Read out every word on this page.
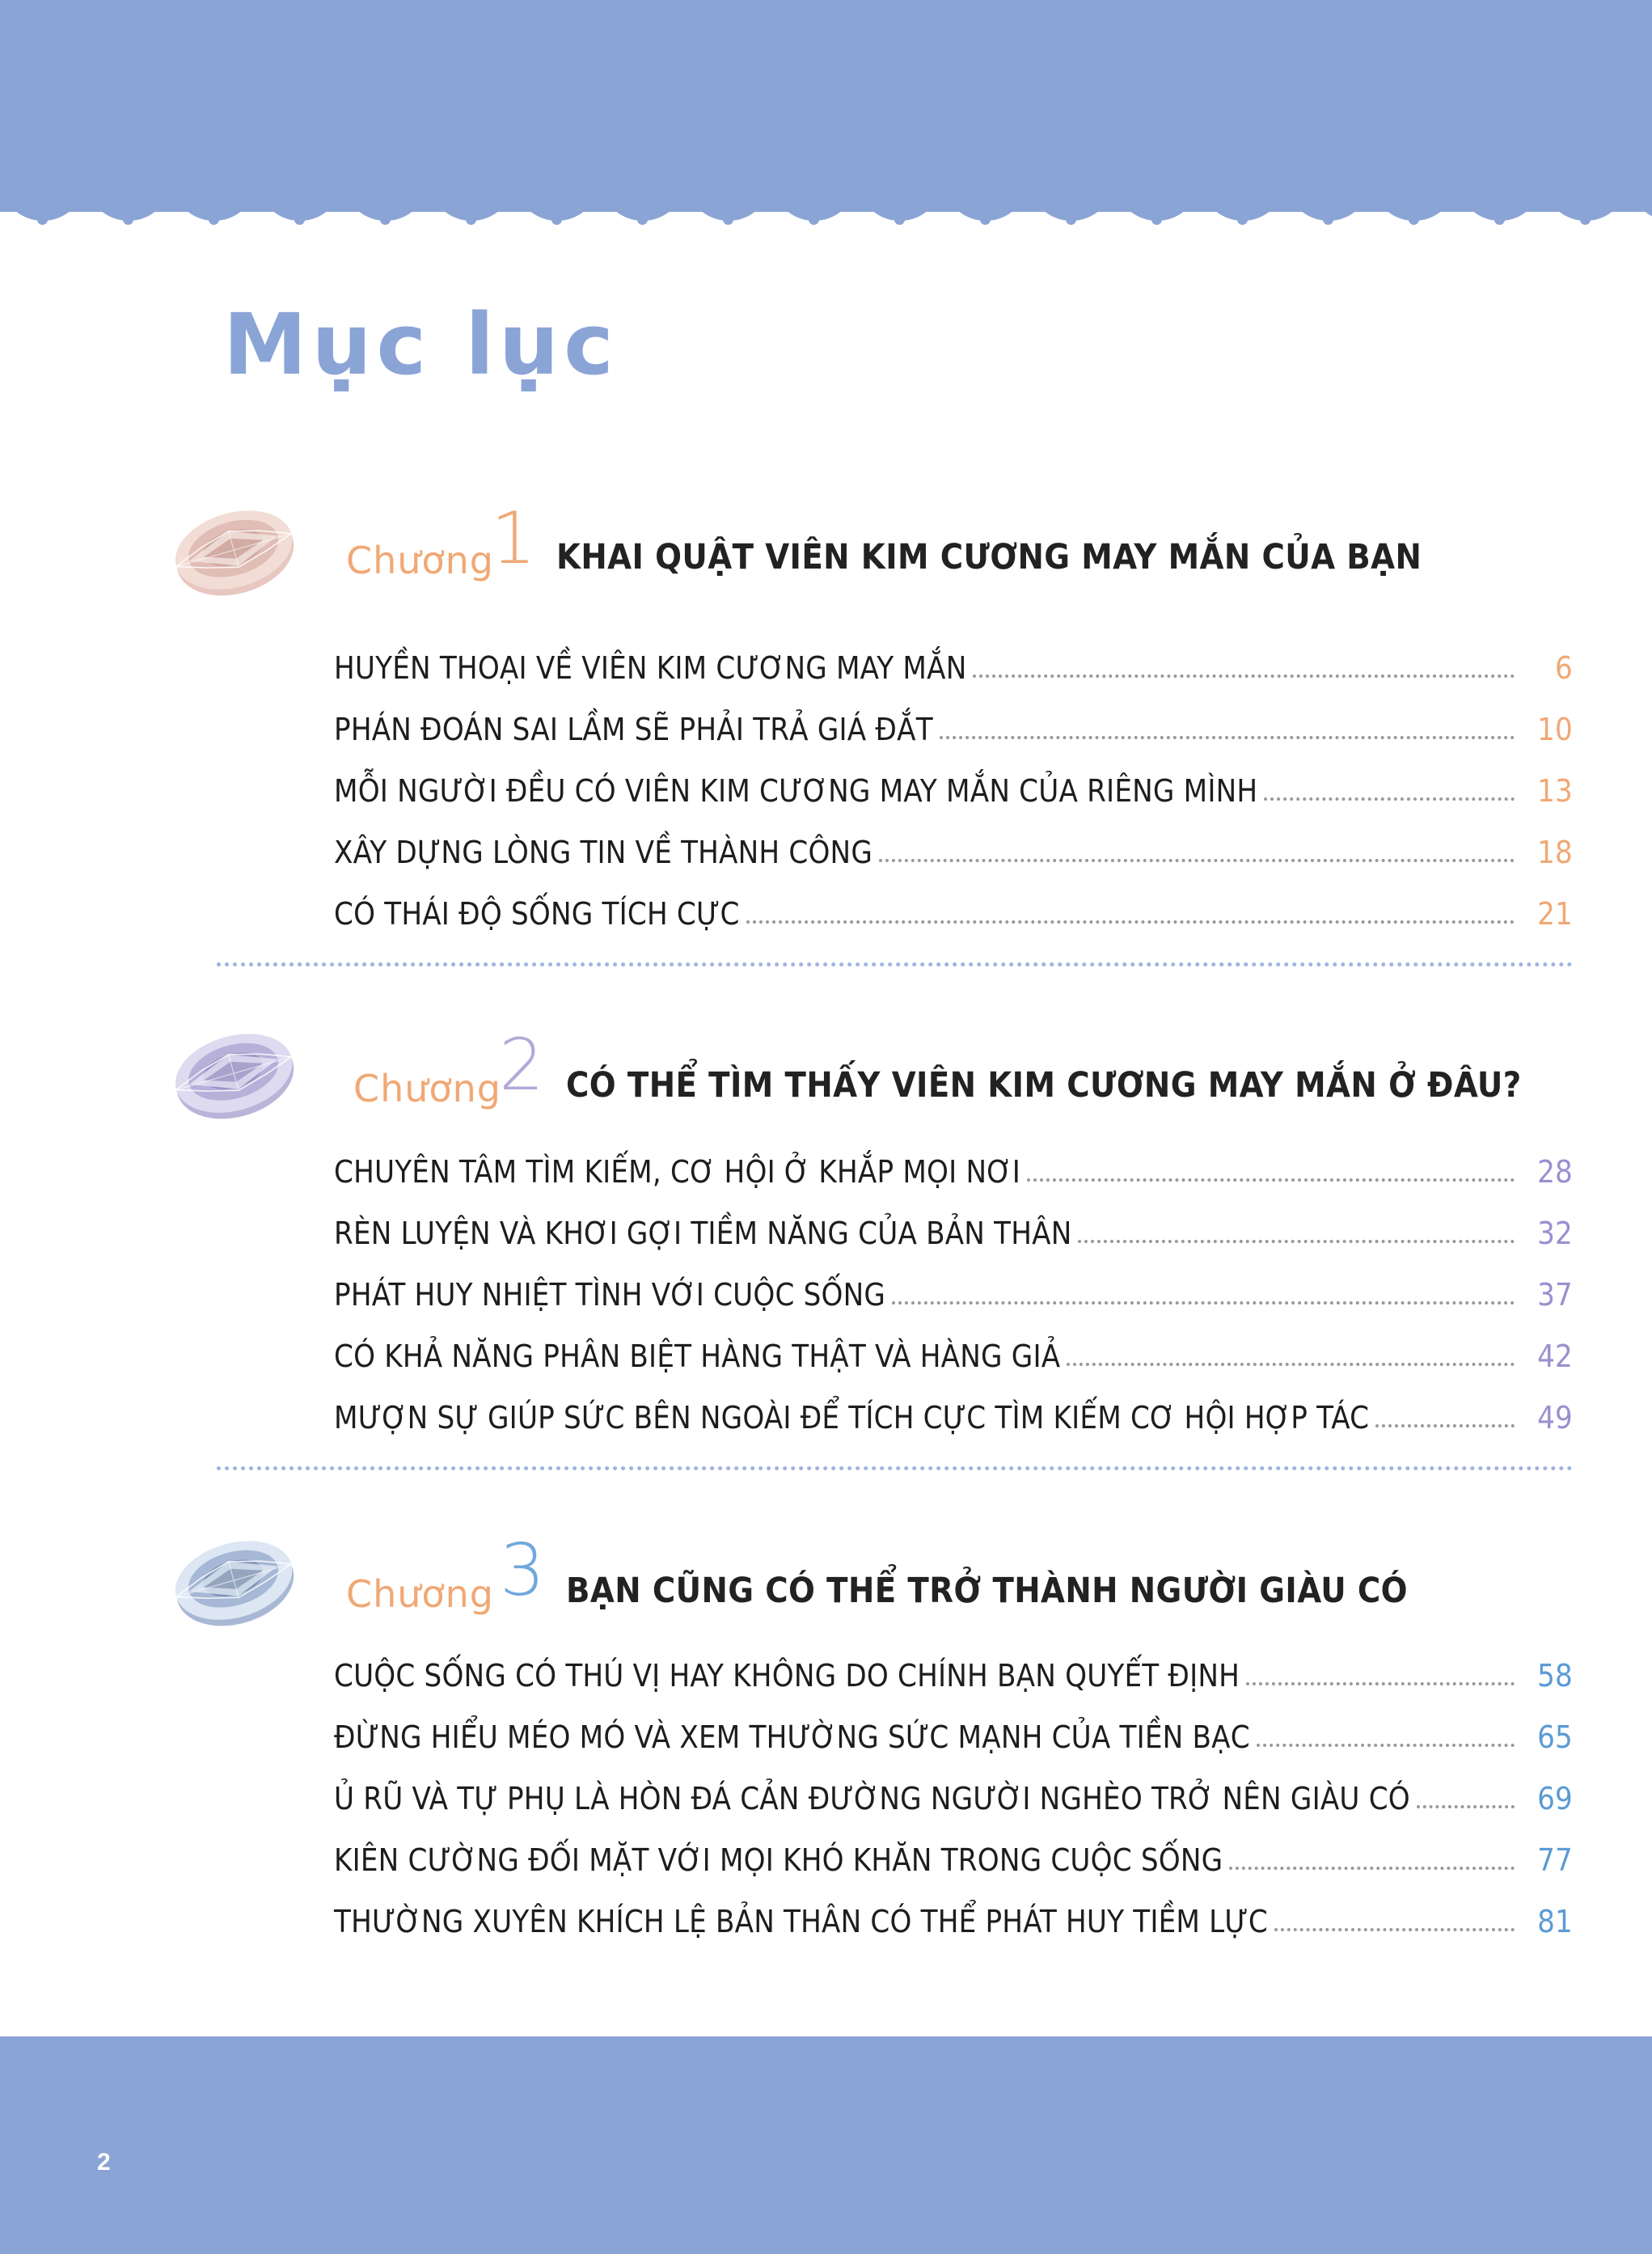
Mục lục
Chương
1 KHAI QUẬT VIÊN KIM CƯƠNG MAY MẮN CỦA BẠN
HUYỀN THOẠI VỀ VIÊN KIM CƯƠNG MAY MẮN	6
PHÁN ĐOÁN SAI LẦM SẼ PHẢI TRẢ GIÁ ĐẮT	10
MỖI NGƯỜI ĐỀU CÓ VIÊN KIM CƯƠNG MAY MẮN CỦA RIÊNG MÌNH	13
XÂY DỰNG LÒNG TIN VỀ THÀNH CÔNG	18
CÓ THÁI ĐỘ SỐNG TÍCH CỰC	21
Chương
2 CÓ THỂ TÌM THẤY VIÊN KIM CƯƠNG MAY MẮN Ở ĐÂU?
CHUYÊN TÂM TÌM KIẾM, CƠ HỘI Ở KHẮP MỌI NƠI	28
RÈN LUYỆN VÀ KHƠI GỢI TIỀM NĂNG CỦA BẢN THÂN	32
PHÁT HUY NHIỆT TÌNH VỚI CUỘC SỐNG	37
CÓ KHẢ NĂNG PHÂN BIỆT HÀNG THẬT VÀ HÀNG GIẢ	42
MƯỢN SỰ GIÚP SỨC BÊN NGOÀI ĐỂ TÍCH CỰC TÌM KIẾM CƠ HỘI HỢP TÁC	49
Chương 3 BẠN CŨNG CÓ THỂ TRỞ THÀNH NGƯỜI GIÀU CÓ
CUỘC SỐNG CÓ THÚ VỊ HAY KHÔNG DO CHÍNH BẠN QUYẾT ĐỊNH	58
ĐỪNG HIỂU MÉO MÓ VÀ XEM THƯỜNG SỨC MẠNH CỦA TIỀN BẠC	65
Ủ RŨ VÀ TỰ PHỤ LÀ HÒN ĐÁ CẢN ĐƯỜNG NGƯỜI NGHÈO TRỞ NÊN GIÀU CÓ	69
KIÊN CƯỜNG ĐỐI MẶT VỚI MỌI KHÓ KHĂN TRONG CUỘC SỐNG	77
THƯỜNG XUYÊN KHÍCH LỆ BẢN THÂN CÓ THỂ PHÁT HUY TIỀM LỰC	81
2
